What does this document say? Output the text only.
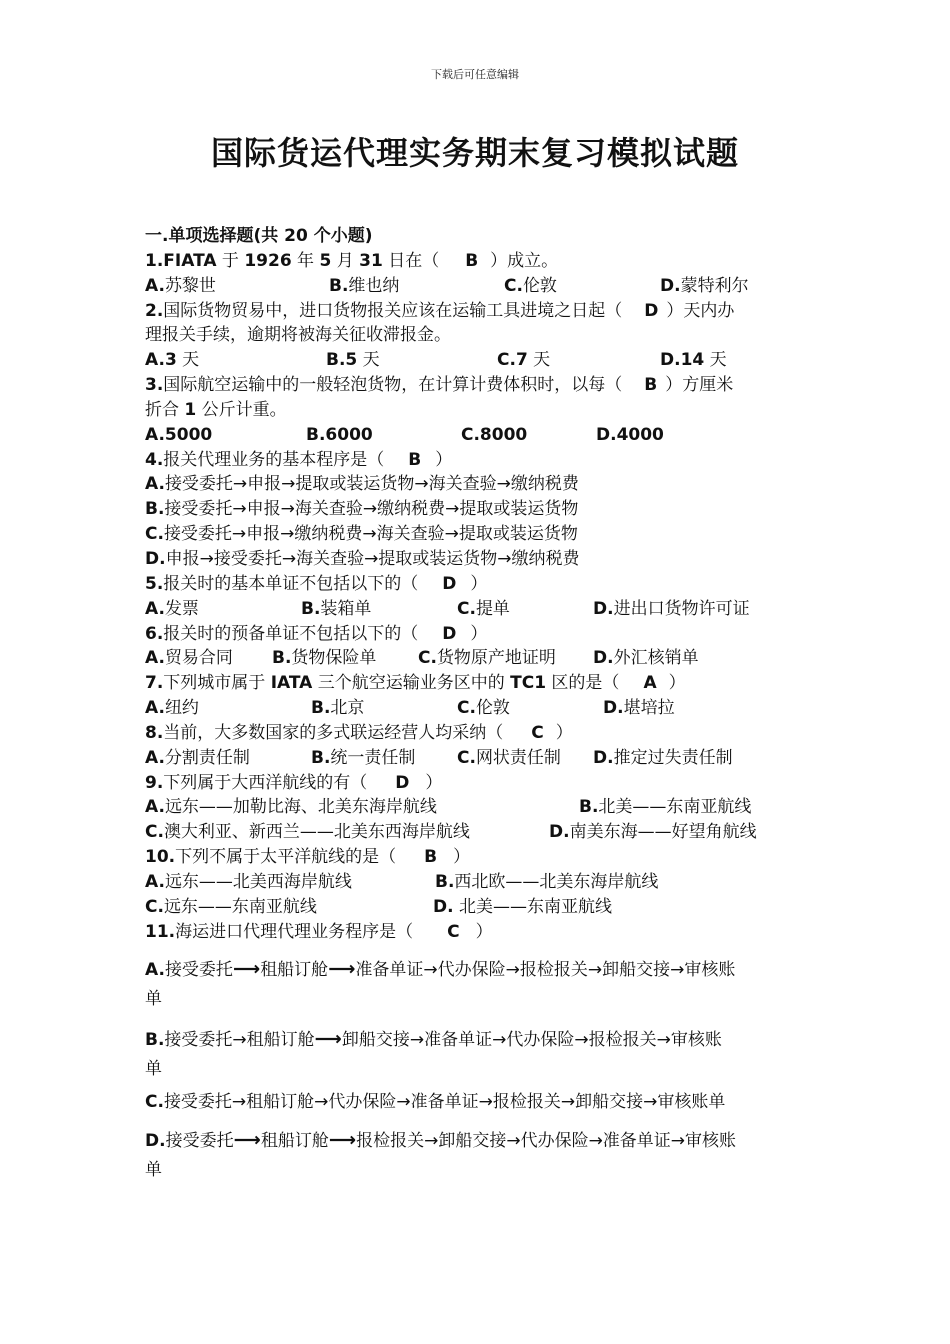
下载后可任意编辑
国际货运代理实务期末复习模拟试题
一.单项选择题(共 20 个小题)
1.FIATA 于 1926 年 5 月 31 日在（ B ）成立。
A.苏黎世	B.维也纳	C.伦敦	D.蒙特利尔
2.国际货物贸易中，进口货物报关应该在运输工具进境之日起（ D ）天内办
理报关手续，逾期将被海关征收滞报金。
A.3 天	B.5 天	C.7 天	D.14 天
3.国际航空运输中的一般轻泡货物，在计算计费体积时，以每（ B ）方厘米
折合 1 公斤计重。
A.5000	B.6000	C.8000	D.4000
4.报关代理业务的基本程序是（ B ）
A.接受委托→申报→提取或装运货物→海关查验→缴纳税费
B.接受委托→申报→海关查验→缴纳税费→提取或装运货物
C.接受委托→申报→缴纳税费→海关查验→提取或装运货物
D.申报→接受委托→海关查验→提取或装运货物→缴纳税费
5.报关时的基本单证不包括以下的（ D ）
A.发票	B.装箱单	C.提单	D.进出口货物许可证
6.报关时的预备单证不包括以下的（ D ）
A.贸易合同 B.货物保险单 C.货物原产地证明 D.外汇核销单
7.下列城市属于 IATA 三个航空运输业务区中的 TC1 区的是（ A ）
A.纽约	B.北京	C.伦敦	D.堪培拉
8.当前，大多数国家的多式联运经营人均采纳（ C ）
A.分割责任制	B.统一责任制 C.网状责任制 D.推定过失责任制
9.下列属于大西洋航线的有（ D ）
A.远东——加勒比海、北美东海岸航线	B.北美——东南亚航线
C.澳大利亚、新西兰——北美东西海岸航线	D.南美东海——好望角航线
10.下列不属于太平洋航线的是（ B ）
A.远东——北美西海岸航线	B.西北欧——北美东海岸航线
C.远东——东南亚航线	D. 北美——东南亚航线
11.海运进口代理代理业务程序是（ C ）
A.接受委托⟶租船订舱⟶准备单证→代办保险→报检报关→卸船交接→审核账
单
B.接受委托→租船订舱⟶卸船交接→准备单证→代办保险→报检报关→审核账
单
C.接受委托→租船订舱→代办保险→准备单证→报检报关→卸船交接→审核账单
D.接受委托⟶租船订舱⟶报检报关→卸船交接→代办保险→准备单证→审核账
单
